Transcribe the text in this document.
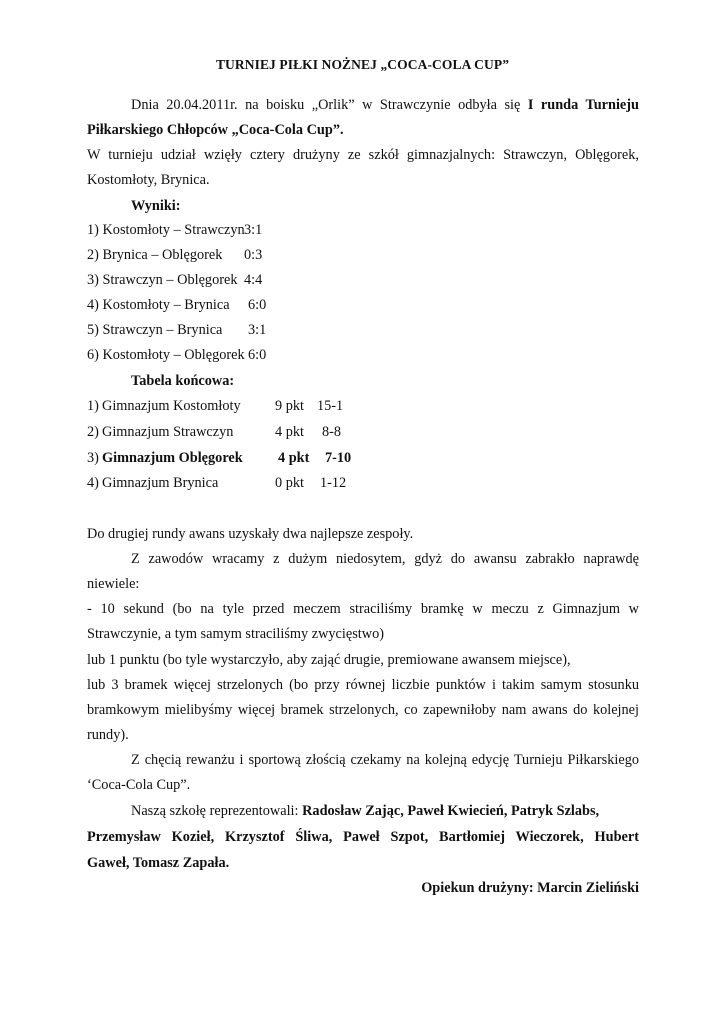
TURNIEJ PIŁKI NOŻNEJ „COCA-COLA CUP”
Dnia 20.04.2011r. na boisku „Orlik” w Strawczynie odbyła się I runda Turnieju
Piłkarskiego Chłopców „Coca-Cola Cup”.
W turnieju udział wzięły cztery drużyny ze szkół gimnazjalnych: Strawczyn, Oblęgorek,
Kostomłoty, Brynica.
Wyniki:
1) Kostomłoty – Strawczyn 3:1
2) Brynica – Oblęgorek 0:3
3) Strawczyn – Oblęgorek 4:4
4) Kostomłoty – Brynica 6:0
5) Strawczyn – Brynica 3:1
6) Kostomłoty – Oblęgorek 6:0
Tabela końcowa:
1) Gimnazjum Kostomłoty 9 pkt 15-1
2) Gimnazjum Strawczyn	4 pkt 8-8
3) Gimnazjum Oblęgorek 4 pkt 7-10
4) Gimnazjum Brynica	0 pkt 1-12
Do drugiej rundy awans uzyskały dwa najlepsze zespoły.
Z zawodów wracamy z dużym niedosytem, gdyż do awansu zabrakło naprawdę
niewiele:
- 10 sekund (bo na tyle przed meczem straciliśmy bramkę w meczu z Gimnazjum w
Strawczynie, a tym samym straciliśmy zwycięstwo)
lub 1 punktu (bo tyle wystarczyło, aby zająć drugie, premiowane awansem miejsce),
lub 3 bramek więcej strzelonych (bo przy równej liczbie punktów i takim samym stosunku
bramkowym mielibyśmy więcej bramek strzelonych, co zapewniłoby nam awans do kolejnej
rundy).
Z chęcią rewanżu i sportową złością czekamy na kolejną edycję Turnieju Piłkarskiego
‘Coca-Cola Cup”.
Naszą szkołę reprezentowali: Radosław Zając, Paweł Kwiecień, Patryk Szlabs,
Przemysław Kozieł, Krzysztof Śliwa, Paweł Szpot, Bartłomiej Wieczorek, Hubert
Gaweł, Tomasz Zapała.
Opiekun drużyny: Marcin Zieliński
